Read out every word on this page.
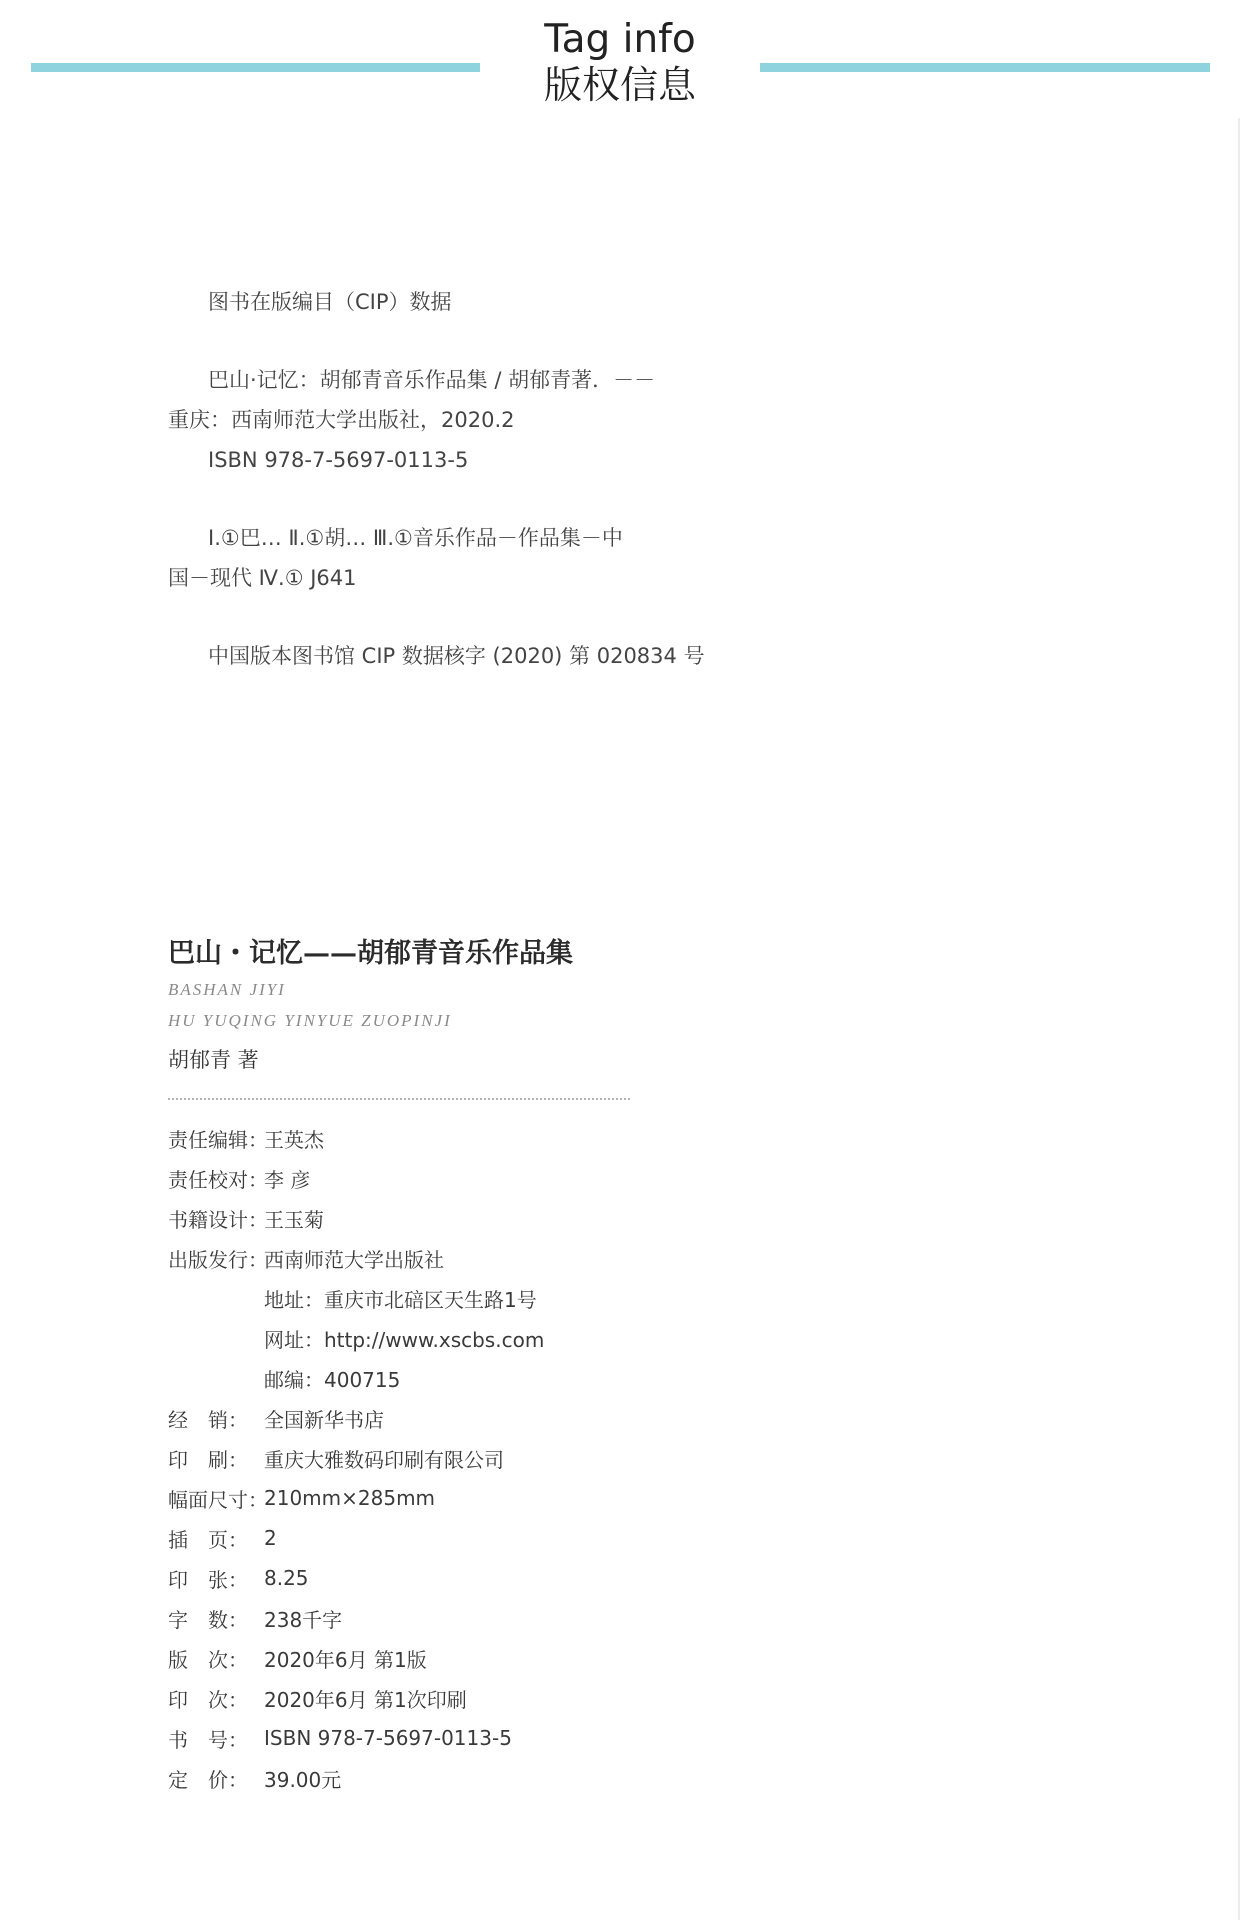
Tag info
版权信息

图书在版编目（CIP）数据

巴山·记忆：胡郁青音乐作品集 / 胡郁青著．－－

重庆：西南师范大学出版社，2020.2

ISBN 978-7-5697-0113-5

Ⅰ.①巴… Ⅱ.①胡… Ⅲ.①音乐作品－作品集－中

国－现代 Ⅳ.① J641

中国版本图书馆 CIP 数据核字 (2020) 第 020834 号

巴山・记忆——胡郁青音乐作品集
BASHAN JIYI
HU YUQING YINYUE ZUOPINJI
胡郁青 著
责任编辑：
王英杰
责任校对：
李 彦
书籍设计：
王玉菊
出版发行：
西南师范大学出版社
地址：重庆市北碚区天生路1号
网址：http://www.xscbs.com
邮编：400715
经　销： 全国新华书店
印　刷： 重庆大雅数码印刷有限公司
幅面尺寸：
210mm×285mm
插　页： 2
印　张： 8.25
字　数： 238千字
版　次： 2020年6月 第1版
印　次： 2020年6月 第1次印刷
书　号： ISBN 978-7-5697-0113-5
定　价： 39.00元
